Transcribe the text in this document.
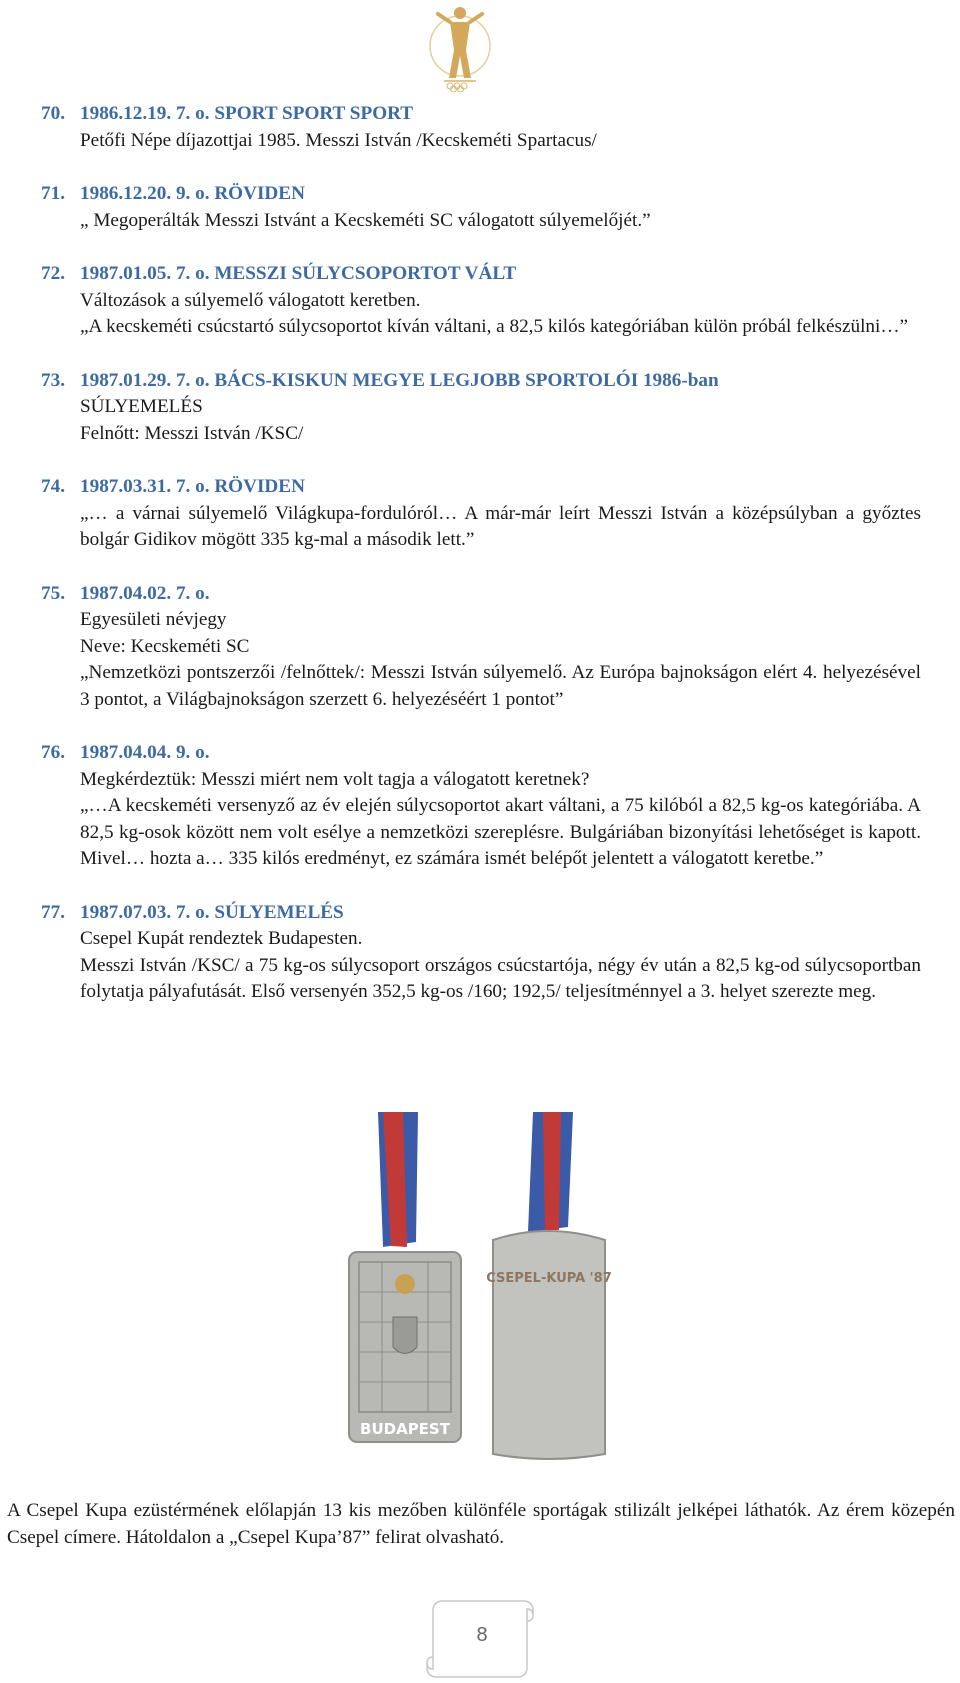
70. 1986.12.19. 7. o. SPORT SPORT SPORT
Petőfi Népe díjazottjai 1985. Messzi István /Kecskeméti Spartacus/
71. 1986.12.20. 9. o. RÖVIDEN
„ Megoperálták Messzi Istvánt a Kecskeméti SC válogatott súlyemelőjét.”
72. 1987.01.05. 7. o. MESSZI SÚLYCSOPORTOT VÁLT
Változások a súlyemelő válogatott keretben.
„A kecskeméti csúcstartó súlycsoportot kíván váltani, a 82,5 kilós kategóriában külön próbál felkészülni…”
73. 1987.01.29. 7. o. BÁCS-KISKUN MEGYE LEGJOBB SPORTOLÓI 1986-ban
SÚLYEMELÉS
Felnőtt: Messzi István /KSC/
74. 1987.03.31. 7. o. RÖVIDEN
„… a várnai súlyemelő Világkupa-fordulóról… A már-már leírt Messzi István a középsúlyban a győztes bolgár Gidikov mögött 335 kg-mal a második lett.”
75. 1987.04.02. 7. o.
Egyesületi névjegy
Neve: Kecskeméti SC
„Nemzetközi pontszerzői /felnőttek/: Messzi István súlyemelő. Az Európa bajnokságon elért 4. helyezésével 3 pontot, a Világbajnokságon szerzett 6. helyezéséért 1 pontot”
76. 1987.04.04. 9. o.
Megkérdeztük: Messzi miért nem volt tagja a válogatott keretnek?
„…A kecskeméti versenyző az év elején súlycsoportot akart váltani, a 75 kilóból a 82,5 kg-os kategóriába. A 82,5 kg-osok között nem volt esélye a nemzetközi szereplésre. Bulgáriában bizonyítási lehetőséget is kapott. Mivel… hozta a… 335 kilós eredményt, ez számára ismét belépőt jelentett a válogatott keretbe.”
77. 1987.07.03. 7. o. SÚLYEMELÉS
Csepel Kupát rendeztek Budapesten.
Messzi István /KSC/ a 75 kg-os súlycsoport országos csúcstartója, négy év után a 82,5 kg-od súlycsoportban folytatja pályafutását. Első versenyén 352,5 kg-os /160; 192,5/ teljesítménnyel a 3. helyet szerezte meg.
BUDAPEST
CSEPEL-KUPA '87
A Csepel Kupa ezüstérmének előlapján 13 kis mezőben különféle sportágak stilizált jelképei láthatók. Az érem közepén Csepel címere. Hátoldalon a „Csepel Kupa’87” felirat olvasható.
8
